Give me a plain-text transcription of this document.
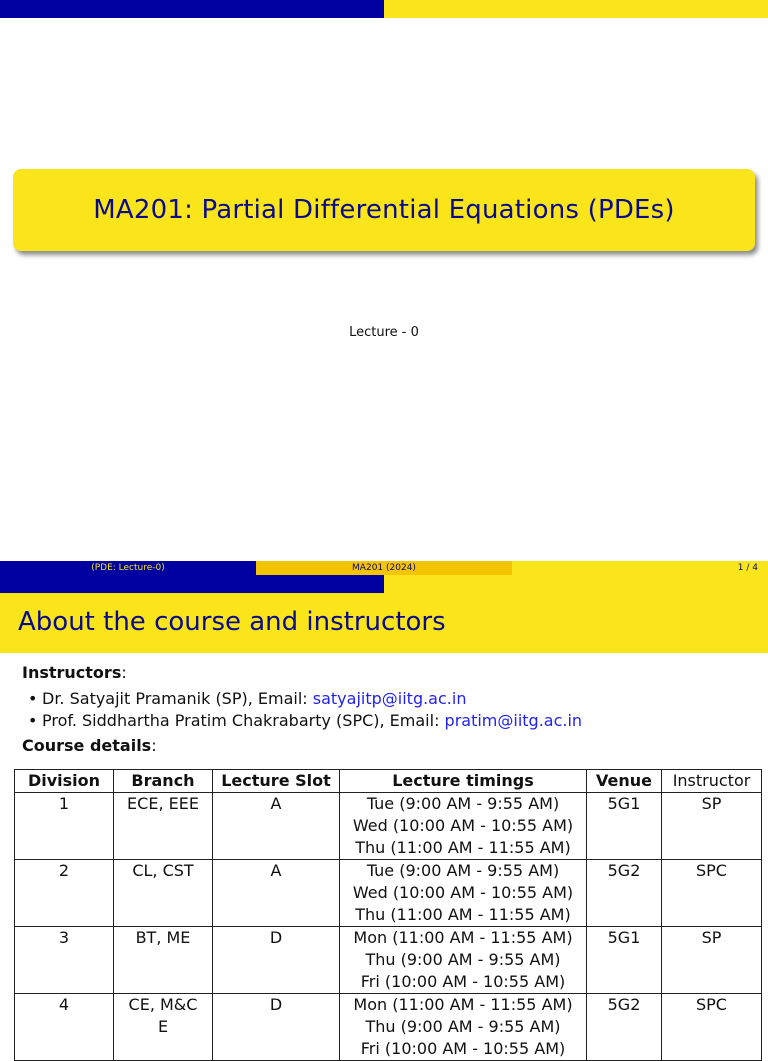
MA201: Partial Differential Equations (PDEs)
Lecture - 0
(PDE: Lecture-0)	MA201 (2024)	1 / 4
About the course and instructors
Instructors:
• Dr. Satyajit Pramanik (SP), Email: satyajitp@iitg.ac.in
• Prof. Siddhartha Pratim Chakrabarty (SPC), Email: pratim@iitg.ac.in
Course details:
Division	Branch	Lecture Slot	Lecture timings	Venue	Instructor
1	ECE, EEE	A	Tue (9:00 AM - 9:55 AM)
Wed (10:00 AM - 10:55 AM)
Thu (11:00 AM - 11:55 AM)	5G1	SP
2	CL, CST	A	Tue (9:00 AM - 9:55 AM)
Wed (10:00 AM - 10:55 AM)
Thu (11:00 AM - 11:55 AM)	5G2	SPC
3	BT, ME	D	Mon (11:00 AM - 11:55 AM)
Thu (9:00 AM - 9:55 AM)
Fri (10:00 AM - 10:55 AM)	5G1	SP
4	CE, M&C
E	D	Mon (11:00 AM - 11:55 AM)
Thu (9:00 AM - 9:55 AM)
Fri (10:00 AM - 10:55 AM)	5G2	SPC
